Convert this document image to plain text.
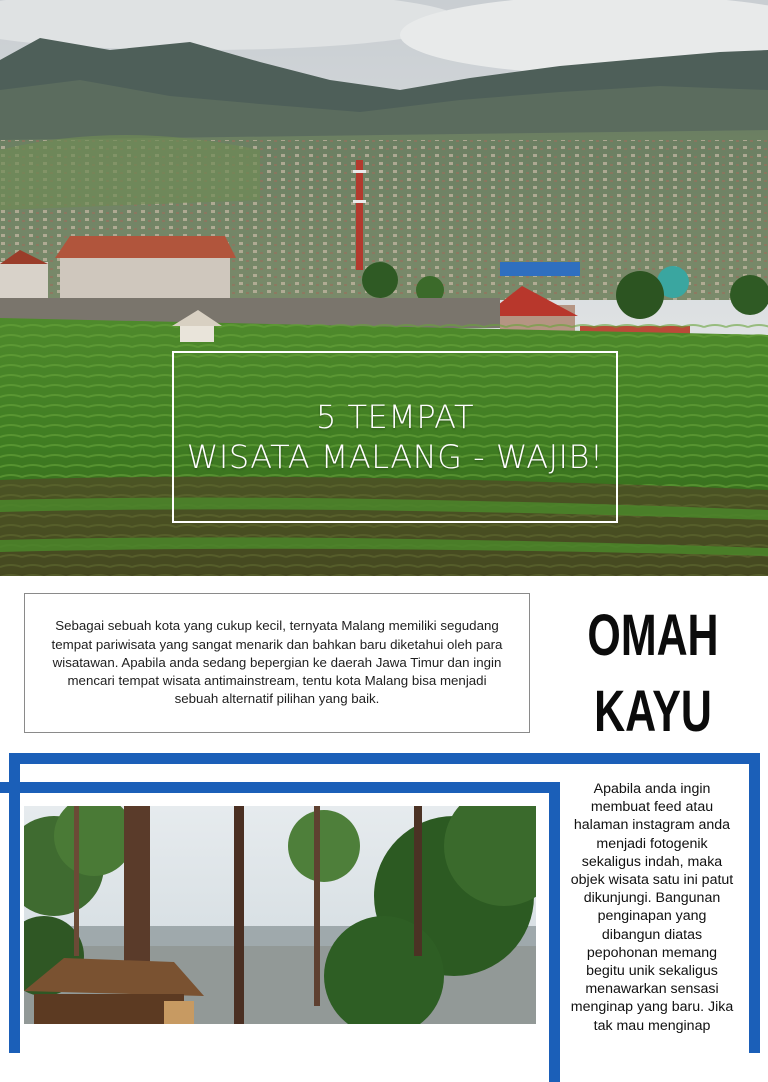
5 TEMPAT
WISATA MALANG - WAJIB!

Sebagai sebuah kota yang cukup kecil, ternyata Malang memiliki segudang tempat pariwisata yang sangat menarik dan bahkan baru diketahui oleh para wisatawan. Apabila anda sedang bepergian ke daerah Jawa Timur dan ingin mencari tempat wisata antimainstream, tentu kota Malang bisa menjadi sebuah alternatif pilihan yang baik.

OMAH
KAYU

Apabila anda ingin membuat feed atau halaman instagram anda menjadi fotogenik sekaligus indah, maka objek wisata satu ini patut dikunjungi. Bangunan penginapan yang dibangun diatas pepohonan memang begitu unik sekaligus menawarkan sensasi menginap yang baru. Jika tak mau menginap
